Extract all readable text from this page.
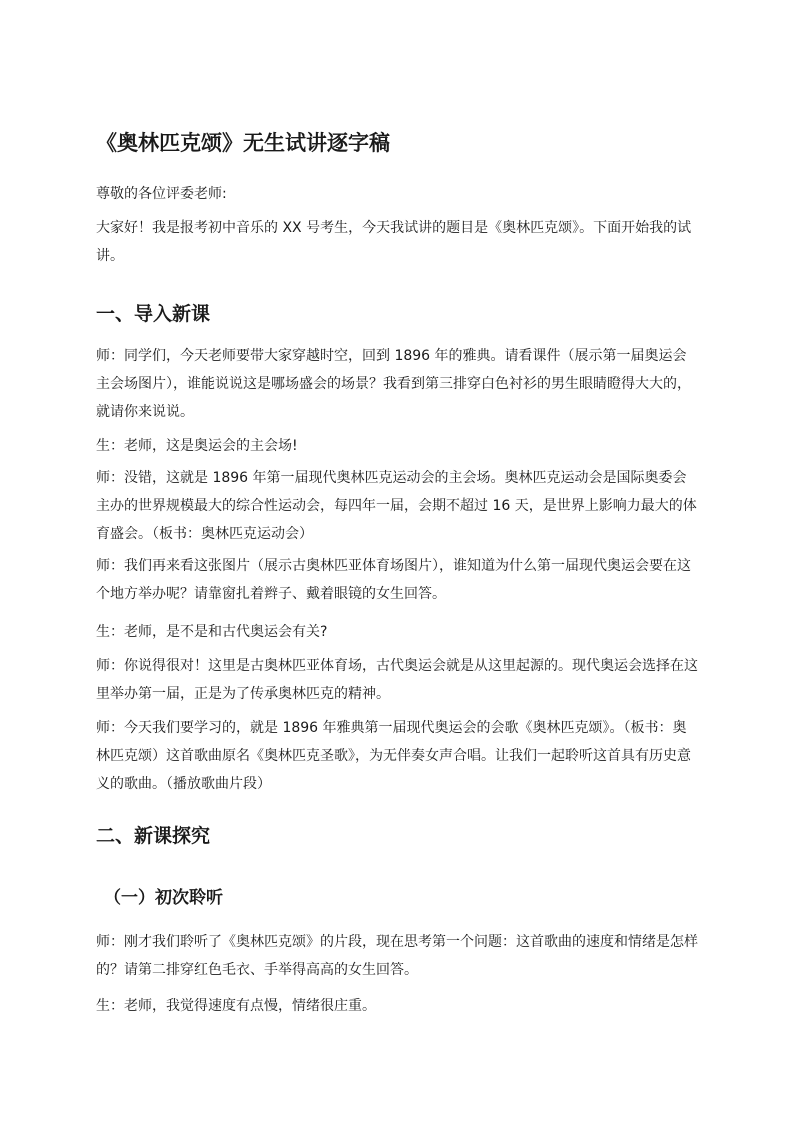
《奥林匹克颂》无生试讲逐字稿

尊敬的各位评委老师:

大家好！我是报考初中音乐的 XX 号考生，今天我试讲的题目是《奥林匹克颂》。下面开始我的试讲。

一、导入新课

师：同学们，今天老师要带大家穿越时空，回到 1896 年的雅典。请看课件（展示第一届奥运会主会场图片），谁能说说这是哪场盛会的场景？我看到第三排穿白色衬衫的男生眼睛瞪得大大的，就请你来说说。

生：老师，这是奥运会的主会场!

师：没错，这就是 1896 年第一届现代奥林匹克运动会的主会场。奥林匹克运动会是国际奥委会主办的世界规模最大的综合性运动会，每四年一届，会期不超过 16 天，是世界上影响力最大的体育盛会。（板书：奥林匹克运动会）

师：我们再来看这张图片（展示古奥林匹亚体育场图片），谁知道为什么第一届现代奥运会要在这个地方举办呢？请靠窗扎着辫子、戴着眼镜的女生回答。

生：老师，是不是和古代奥运会有关?

师：你说得很对！这里是古奥林匹亚体育场，古代奥运会就是从这里起源的。现代奥运会选择在这里举办第一届，正是为了传承奥林匹克的精神。

师：今天我们要学习的，就是 1896 年雅典第一届现代奥运会的会歌《奥林匹克颂》。（板书：奥林匹克颂）这首歌曲原名《奥林匹克圣歌》，为无伴奏女声合唱。让我们一起聆听这首具有历史意义的歌曲。（播放歌曲片段）

二、新课探究
（一）初次聆听

师：刚才我们聆听了《奥林匹克颂》的片段，现在思考第一个问题：这首歌曲的速度和情绪是怎样的？请第二排穿红色毛衣、手举得高高的女生回答。

生：老师，我觉得速度有点慢，情绪很庄重。
